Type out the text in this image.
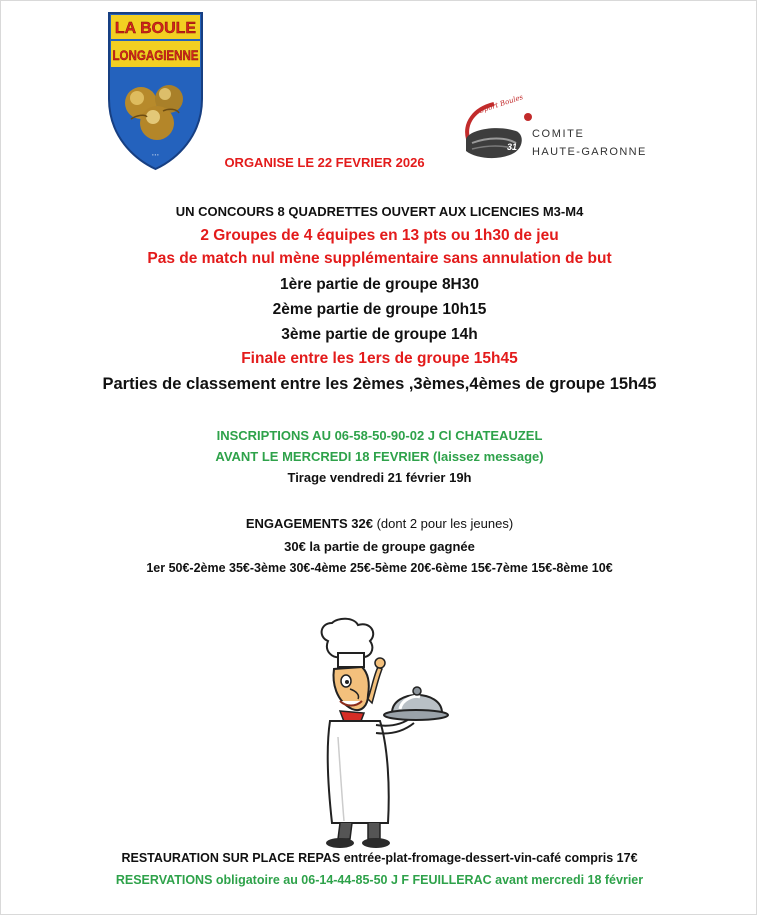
LA BOULE
LONGAGIENNE
▪ ▪ ▪
Sport Boules
31
COMITE
HAUTE-GARONNE
ORGANISE LE 22 FEVRIER 2026
UN CONCOURS 8 QUADRETTES OUVERT AUX LICENCIES M3-M4
2 Groupes de 4 équipes en 13 pts ou 1h30 de jeu
Pas de match nul mène supplémentaire sans annulation de but
1ère partie de groupe 8H30
2ème partie de groupe 10h15
3ème partie de groupe 14h
Finale entre les 1ers de groupe 15h45
Parties de classement entre les 2èmes ,3èmes,4èmes de groupe 15h45
INSCRIPTIONS AU 06-58-50-90-02 J Cl CHATEAUZEL
AVANT LE MERCREDI 18 FEVRIER (laissez message)
Tirage vendredi 21 février 19h
ENGAGEMENTS 32€ (dont 2 pour les jeunes)
30€ la partie de groupe gagnée
1er 50€-2ème 35€-3ème 30€-4ème 25€-5ème 20€-6ème 15€-7ème 15€-8ème 10€
RESTAURATION SUR PLACE REPAS entrée-plat-fromage-dessert-vin-café compris 17€
RESERVATIONS obligatoire au 06-14-44-85-50 J F FEUILLERAC avant mercredi 18 février
